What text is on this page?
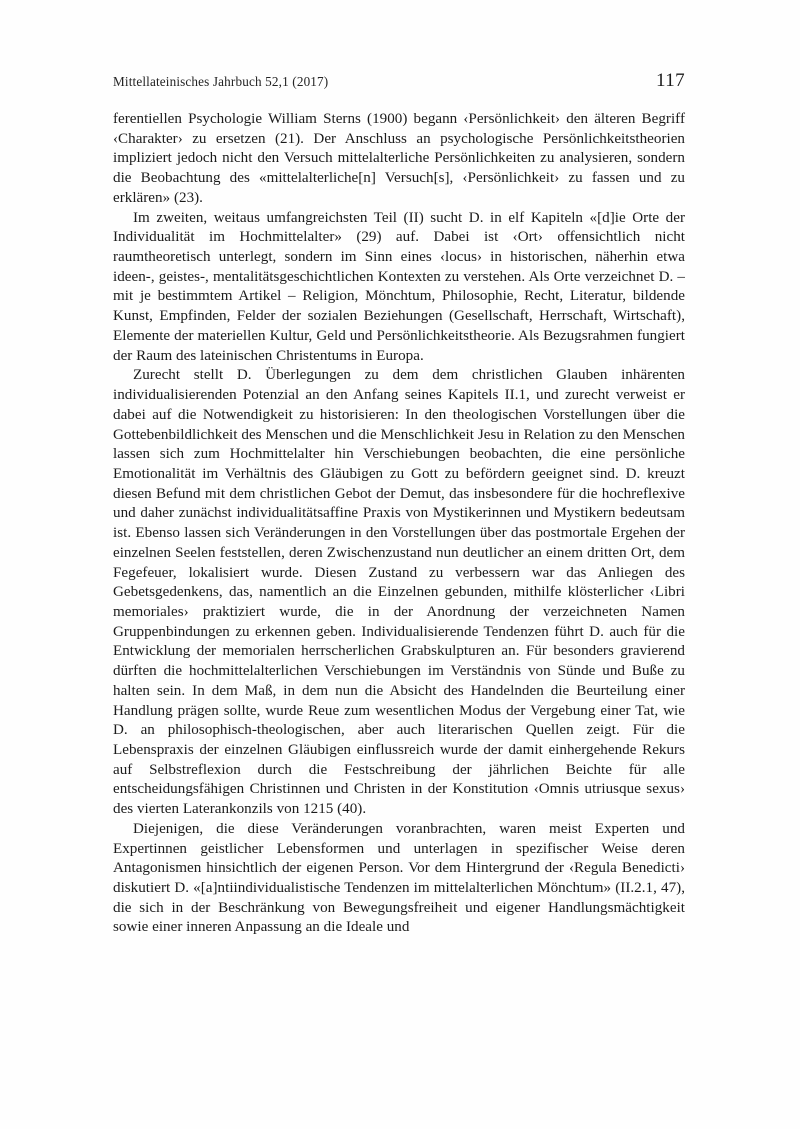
Mittellateinisches Jahrbuch 52,1 (2017)	117

ferentiellen Psychologie William Sterns (1900) begann ‹Persönlichkeit› den älteren Begriff ‹Charakter› zu ersetzen (21). Der Anschluss an psychologische Persönlichkeitstheorien impliziert jedoch nicht den Versuch mittelalterliche Persönlichkeiten zu analysieren, sondern die Beobachtung des «mittelalterliche[n] Versuch[s], ‹Persönlichkeit› zu fassen und zu erklären» (23).

Im zweiten, weitaus umfangreichsten Teil (II) sucht D. in elf Kapiteln «[d]ie Orte der Individualität im Hochmittelalter» (29) auf. Dabei ist ‹Ort› offensichtlich nicht raumtheoretisch unterlegt, sondern im Sinn eines ‹locus› in historischen, näherhin etwa ideen-, geistes-, mentalitätsgeschichtlichen Kontexten zu verstehen. Als Orte verzeichnet D. – mit je bestimmtem Artikel – Religion, Mönchtum, Philosophie, Recht, Literatur, bildende Kunst, Empfinden, Felder der sozialen Beziehungen (Gesellschaft, Herrschaft, Wirtschaft), Elemente der materiellen Kultur, Geld und Persönlichkeitstheorie. Als Bezugsrahmen fungiert der Raum des lateinischen Christentums in Europa.

Zurecht stellt D. Überlegungen zu dem dem christlichen Glauben inhärenten individualisierenden Potenzial an den Anfang seines Kapitels II.1, und zurecht verweist er dabei auf die Notwendigkeit zu historisieren: In den theologischen Vorstellungen über die Gottebenbildlichkeit des Menschen und die Menschlichkeit Jesu in Relation zu den Menschen lassen sich zum Hochmittelalter hin Verschiebungen beobachten, die eine persönliche Emotionalität im Verhältnis des Gläubigen zu Gott zu befördern geeignet sind. D. kreuzt diesen Befund mit dem christlichen Gebot der Demut, das insbesondere für die hochreflexive und daher zunächst individualitätsaffine Praxis von Mystikerinnen und Mystikern bedeutsam ist. Ebenso lassen sich Veränderungen in den Vorstellungen über das postmortale Ergehen der einzelnen Seelen feststellen, deren Zwischenzustand nun deutlicher an einem dritten Ort, dem Fegefeuer, lokalisiert wurde. Diesen Zustand zu verbessern war das Anliegen des Gebetsgedenkens, das, namentlich an die Einzelnen gebunden, mithilfe klösterlicher ‹Libri memoriales› praktiziert wurde, die in der Anordnung der verzeichneten Namen Gruppenbindungen zu erkennen geben. Individualisierende Tendenzen führt D. auch für die Entwicklung der memorialen herrscherlichen Grabskulpturen an. Für besonders gravierend dürften die hochmittelalterlichen Verschiebungen im Verständnis von Sünde und Buße zu halten sein. In dem Maß, in dem nun die Absicht des Handelnden die Beurteilung einer Handlung prägen sollte, wurde Reue zum wesentlichen Modus der Vergebung einer Tat, wie D. an philosophisch-theologischen, aber auch literarischen Quellen zeigt. Für die Lebenspraxis der einzelnen Gläubigen einflussreich wurde der damit einhergehende Rekurs auf Selbstreflexion durch die Festschreibung der jährlichen Beichte für alle entscheidungsfähigen Christinnen und Christen in der Konstitution ‹Omnis utriusque sexus› des vierten Laterankonzils von 1215 (40).

Diejenigen, die diese Veränderungen voranbrachten, waren meist Experten und Expertinnen geistlicher Lebensformen und unterlagen in spezifischer Weise deren Antagonismen hinsichtlich der eigenen Person. Vor dem Hintergrund der ‹Regula Benedicti› diskutiert D. «[a]ntiindividualistische Tendenzen im mittelalterlichen Mönchtum» (II.2.1, 47), die sich in der Beschränkung von Bewegungsfreiheit und eigener Handlungsmächtigkeit sowie einer inneren Anpassung an die Ideale und
